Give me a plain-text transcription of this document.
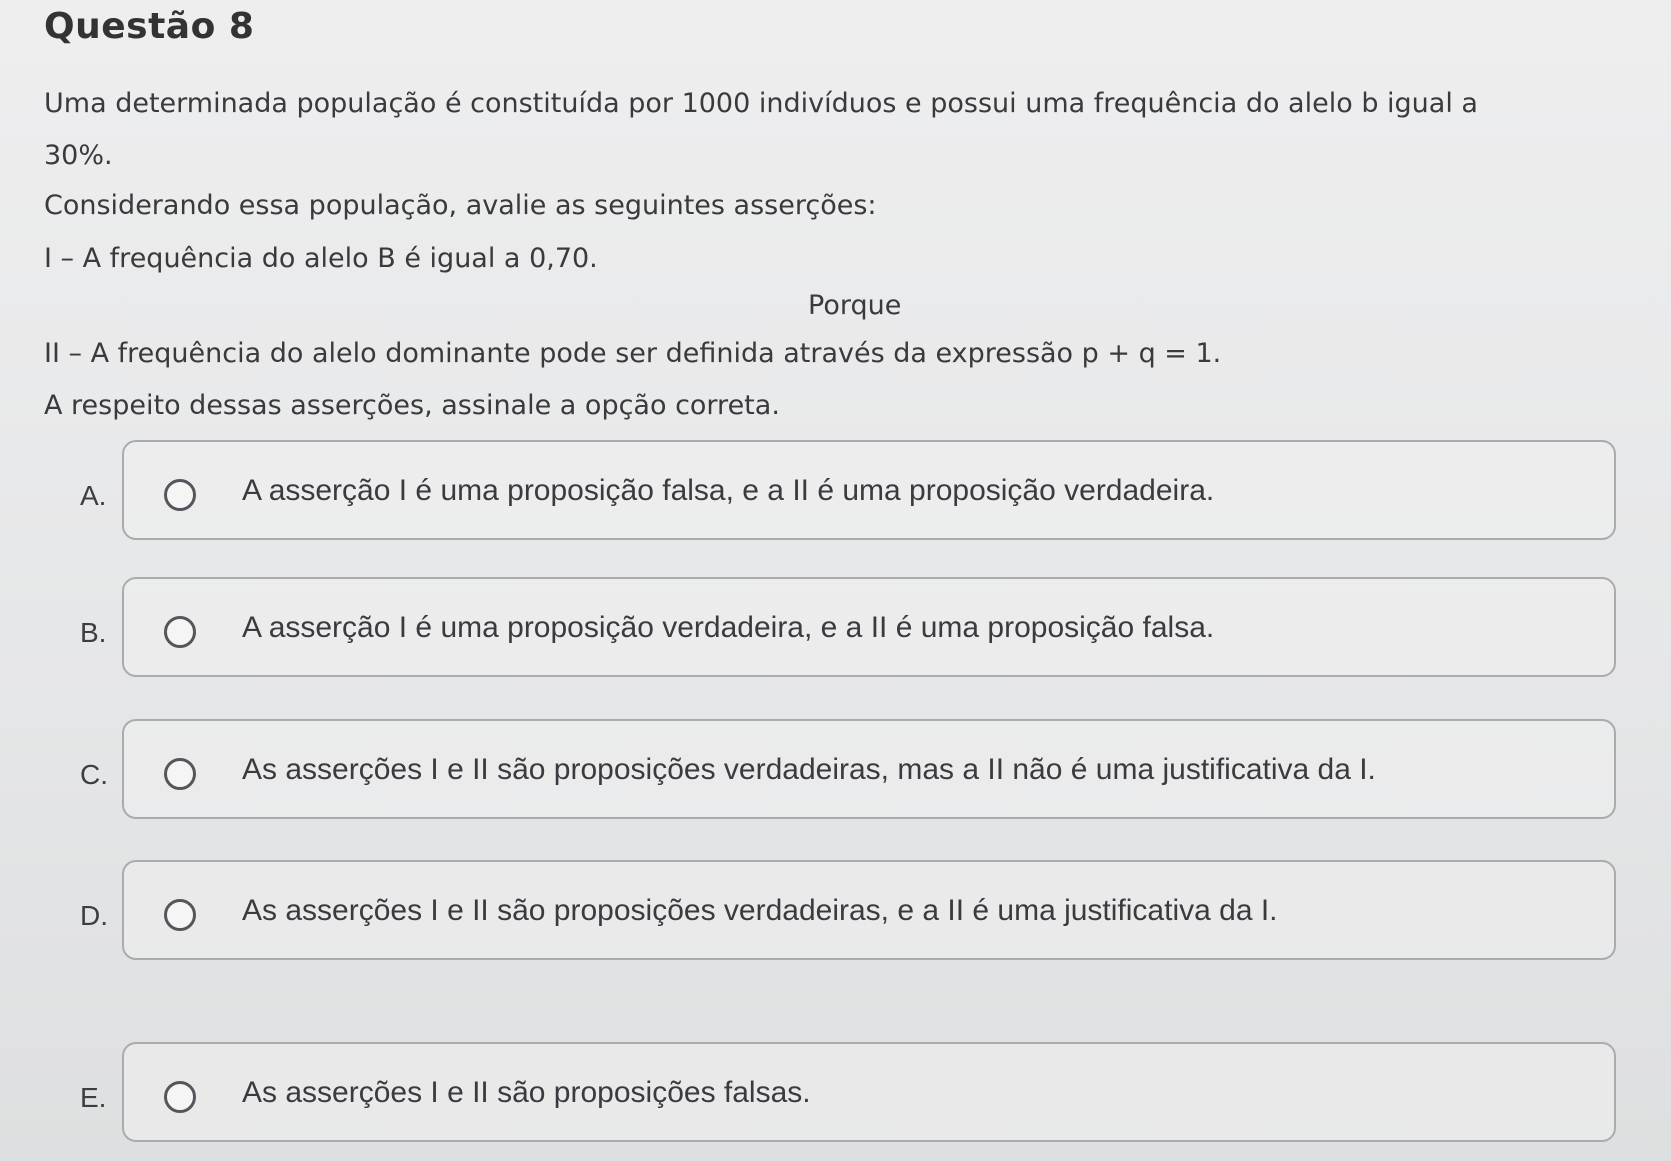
Questão 8
Uma determinada população é constituída por 1000 indivíduos e possui uma frequência do alelo b igual a
30%.
Considerando essa população, avalie as seguintes asserções:
I – A frequência do alelo B é igual a 0,70.
Porque
II – A frequência do alelo dominante pode ser definida através da expressão p + q = 1.
A respeito dessas asserções, assinale a opção correta.
A.	A asserção I é uma proposição falsa, e a II é uma proposição verdadeira.
B.	A asserção I é uma proposição verdadeira, e a II é uma proposição falsa.
C.	As asserções I e II são proposições verdadeiras, mas a II não é uma justificativa da I.
D.	As asserções I e II são proposições verdadeiras, e a II é uma justificativa da I.
E.	As asserções I e II são proposições falsas.
